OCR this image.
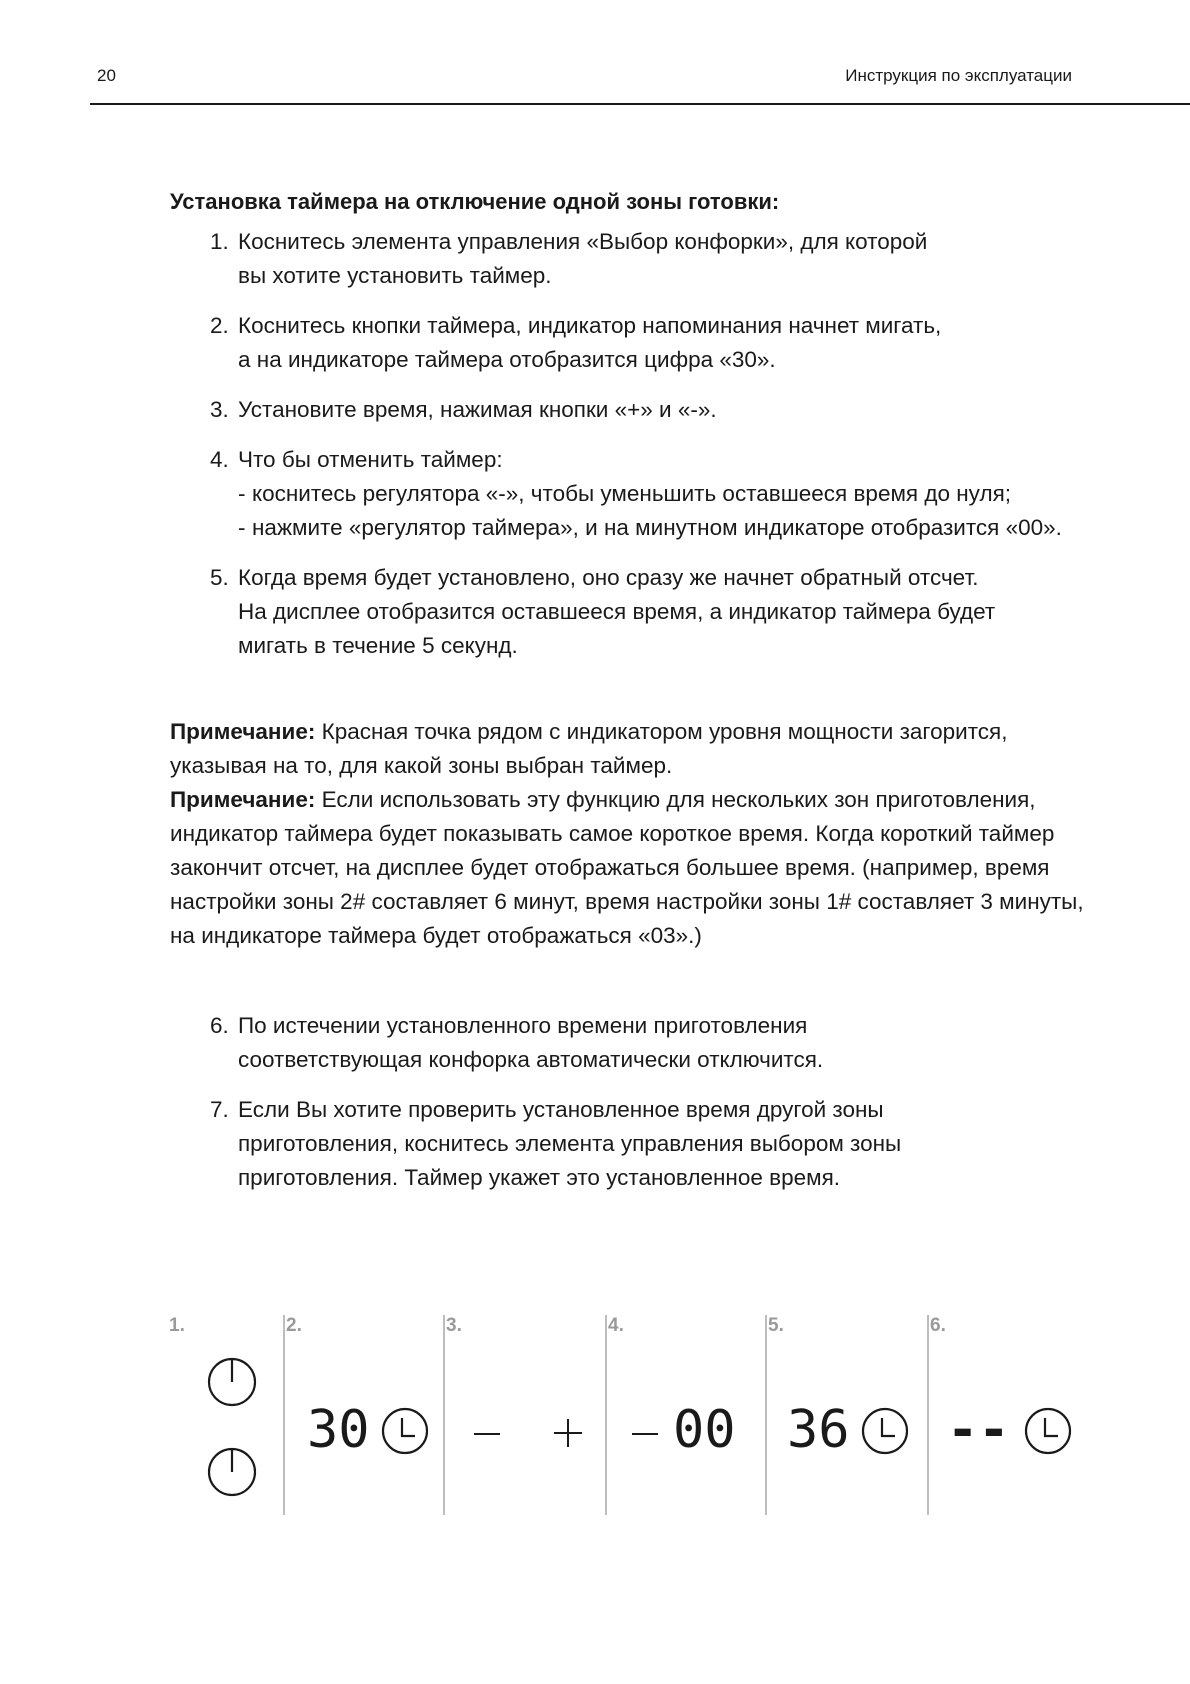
20	Инструкция по эксплуатации

Установка таймера на отключение одной зоны готовки:

1. Коснитесь элемента управления «Выбор конфорки», для которой
вы хотите установить таймер.
2. Коснитесь кнопки таймера, индикатор напоминания начнет мигать,
а на индикаторе таймера отобразится цифра «30».
3. Установите время, нажимая кнопки «+» и «-».
4. Что бы отменить таймер:
- коснитесь регулятора «-», чтобы уменьшить оставшееся время до нуля;
- нажмите «регулятор таймера», и на минутном индикаторе отобразится «00».
5. Когда время будет установлено, оно сразу же начнет обратный отсчет.
На дисплее отобразится оставшееся время, а индикатор таймера будет
мигать в течение 5 секунд.

Примечание: Красная точка рядом с индикатором уровня мощности загорится, указывая на то, для какой зоны выбран таймер.

Примечание: Если использовать эту функцию для нескольких зон приготовления, индикатор таймера будет показывать самое короткое время. Когда короткий таймер закончит отсчет, на дисплее будет отображаться большее время. (например, время настройки зоны 2# составляет 6 минут, время настройки зоны 1# составляет 3 минуты, на индикаторе таймера будет отображаться «03».)

6. По истечении установленного времени приготовления
соответствующая конфорка автоматически отключится.
7. Если Вы хотите проверить установленное время другой зоны
приготовления, коснитесь элемента управления выбором зоны
приготовления. Таймер укажет это установленное время.
1.	2.	3.	4.	5.	6.
30	00 36 --
